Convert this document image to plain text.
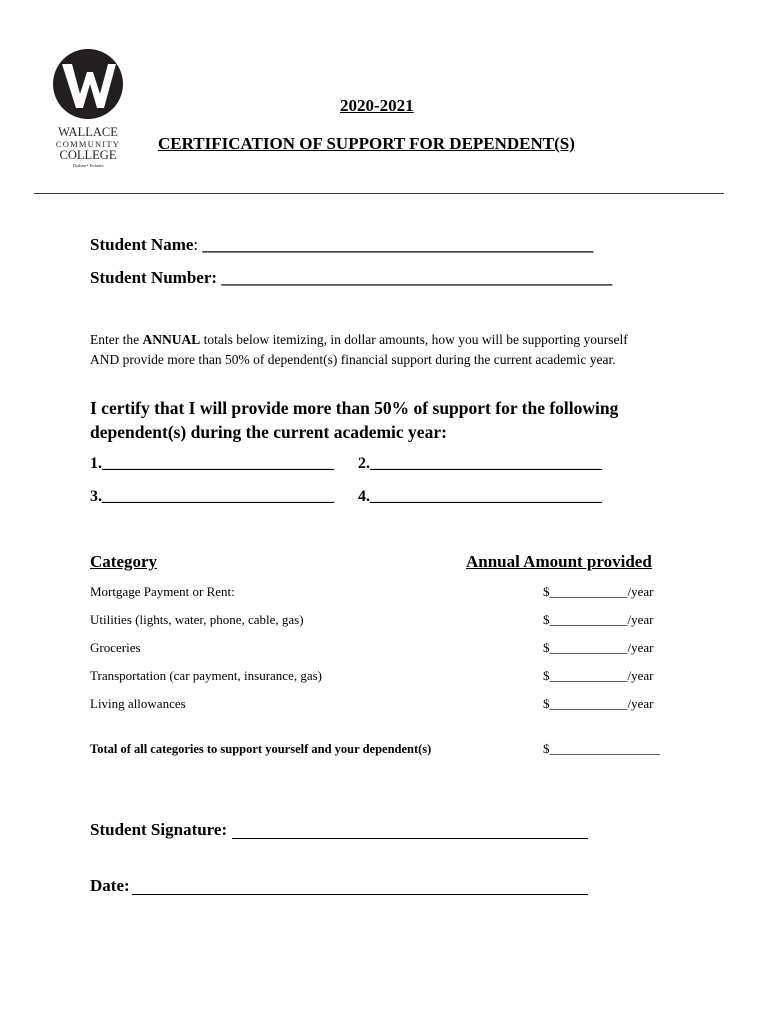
WALLACE
COMMUNITY
COLLEGE
Dothan • Eufaula
2020-2021
CERTIFICATION OF SUPPORT FOR DEPENDENT(S)
Student Name: ______________________________________________
Student Number: ______________________________________________
Enter the ANNUAL totals below itemizing, in dollar amounts, how you will be supporting yourself AND provide more than 50% of dependent(s) financial support during the current academic year.
I certify that I will provide more than 50% of support for the following dependent(s) during the current academic year:
1._____________________________ 2._____________________________
3._____________________________ 4._____________________________
Category	Annual Amount provided
Mortgage Payment or Rent:	$____________/year
Utilities (lights, water, phone, cable, gas)	$____________/year
Groceries	$____________/year
Transportation (car payment, insurance, gas)	$____________/year
Living allowances	$____________/year
Total of all categories to support yourself and your dependent(s)	$_________________
Student Signature:
Date:
